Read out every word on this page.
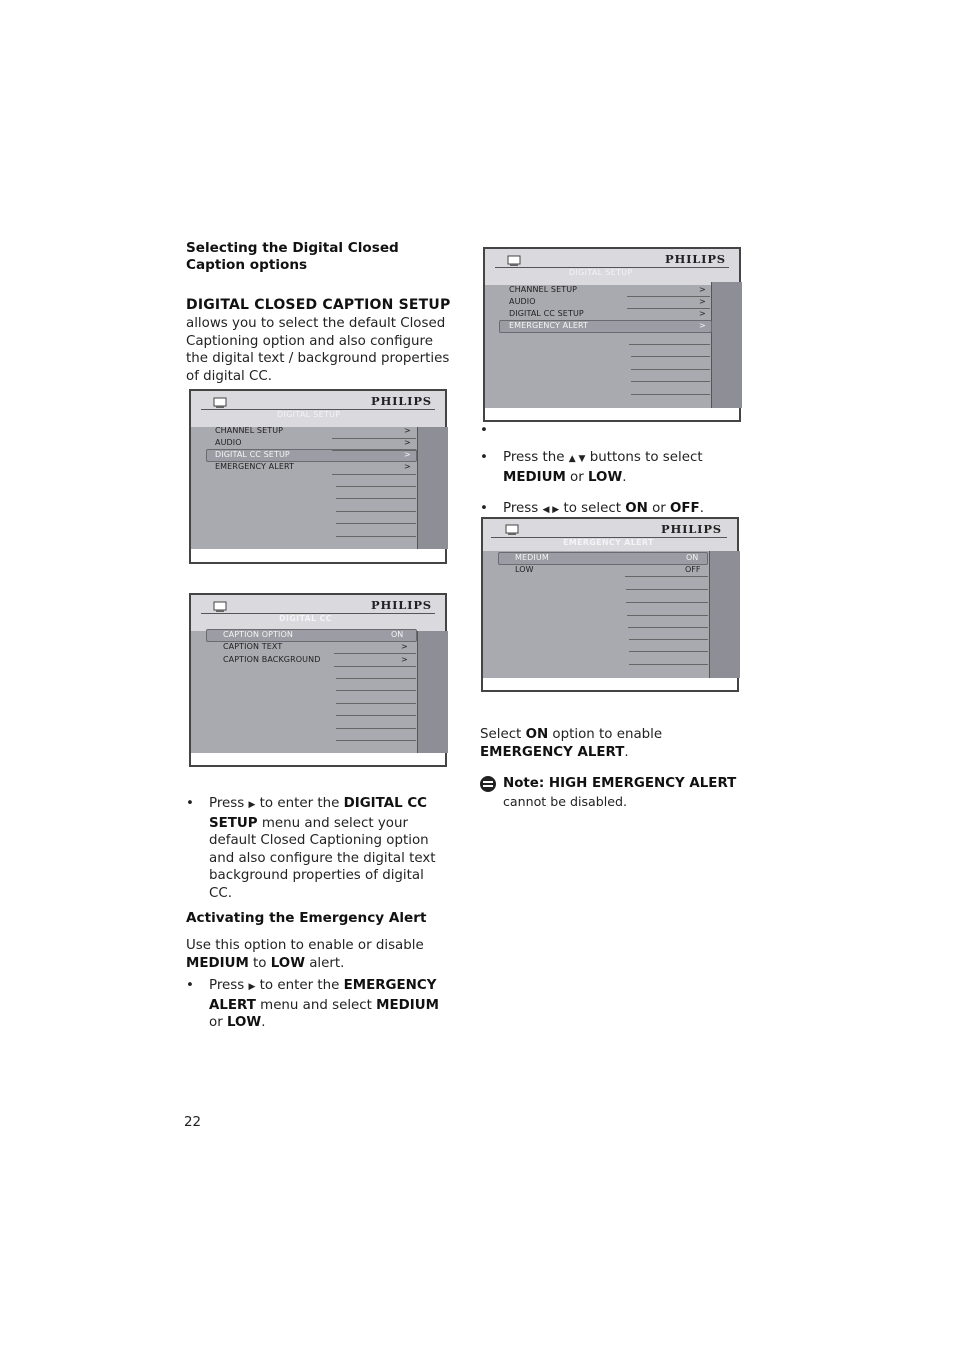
Selecting the Digital Closed Caption options
DIGITAL CLOSED CAPTION SETUP
allows you to select the default Closed Captioning option and also configure the digital text / background properties of digital CC.
PHILIPS
DIGITAL SETUP
CHANNEL SETUP	>
AUDIO	>
DIGITAL CC SETUP	>
EMERGENCY ALERT	>
PHILIPS
DIGITAL CC
CAPTION OPTION	ON
CAPTION TEXT	>
CAPTION BACKGROUND	>
• Press ▶ to enter the DIGITAL CC SETUP menu and select your default Closed Captioning option and also configure the digital text background properties of digital CC.
Activating the Emergency Alert
Use this option to enable or disable MEDIUM to LOW alert.
• Press ▶ to enter the EMERGENCY ALERT menu and select MEDIUM or LOW.
22
PHILIPS
DIGITAL SETUP
CHANNEL SETUP	>
AUDIO	>
DIGITAL CC SETUP	>
EMERGENCY ALERT	>
•
• Press the ▲ ▼ buttons to select MEDIUM or LOW.
• Press ◀ ▶ to select ON or OFF.
PHILIPS
EMERGENCY ALERT
MEDIUM	ON
LOW	OFF
Select ON option to enable EMERGENCY ALERT.
Note: HIGH EMERGENCY ALERT
cannot be disabled.
